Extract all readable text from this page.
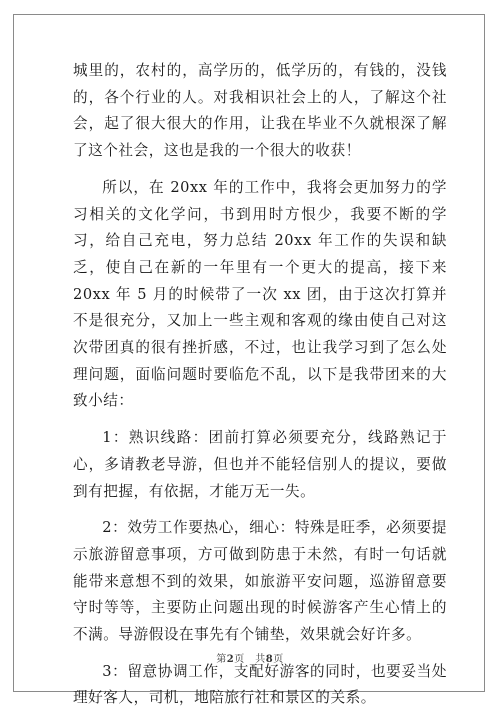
城里的，农村的，高学历的，低学历的，有钱的，没钱的，各个行业的人。对我相识社会上的人，了解这个社会，起了很大很大的作用，让我在毕业不久就根深了解了这个社会，这也是我的一个很大的收获！

所以，在 20xx 年的工作中，我将会更加努力的学习相关的文化学问，书到用时方恨少，我要不断的学习，给自己充电，努力总结 20xx 年工作的失误和缺乏，使自己在新的一年里有一个更大的提高，接下来 20xx 年 5 月的时候带了一次 xx 团，由于这次打算并不是很充分，又加上一些主观和客观的缘由使自己对这次带团真的很有挫折感，不过，也让我学习到了怎么处理问题，面临问题时要临危不乱，以下是我带团来的大致小结：

1：熟识线路：团前打算必须要充分，线路熟记于心，多请教老导游，但也并不能轻信别人的提议，要做到有把握，有依据，才能万无一失。

2：效劳工作要热心，细心：特殊是旺季，必须要提示旅游留意事项，方可做到防患于未然，有时一句话就能带来意想不到的效果，如旅游平安问题，巡游留意要守时等等，主要防止问题出现的时候游客产生心情上的不满。导游假设在事先有个铺垫，效果就会好许多。

3：留意协调工作，支配好游客的同时，也要妥当处理好客人，司机，地陪旅行社和景区的关系。

第2页　共8页
